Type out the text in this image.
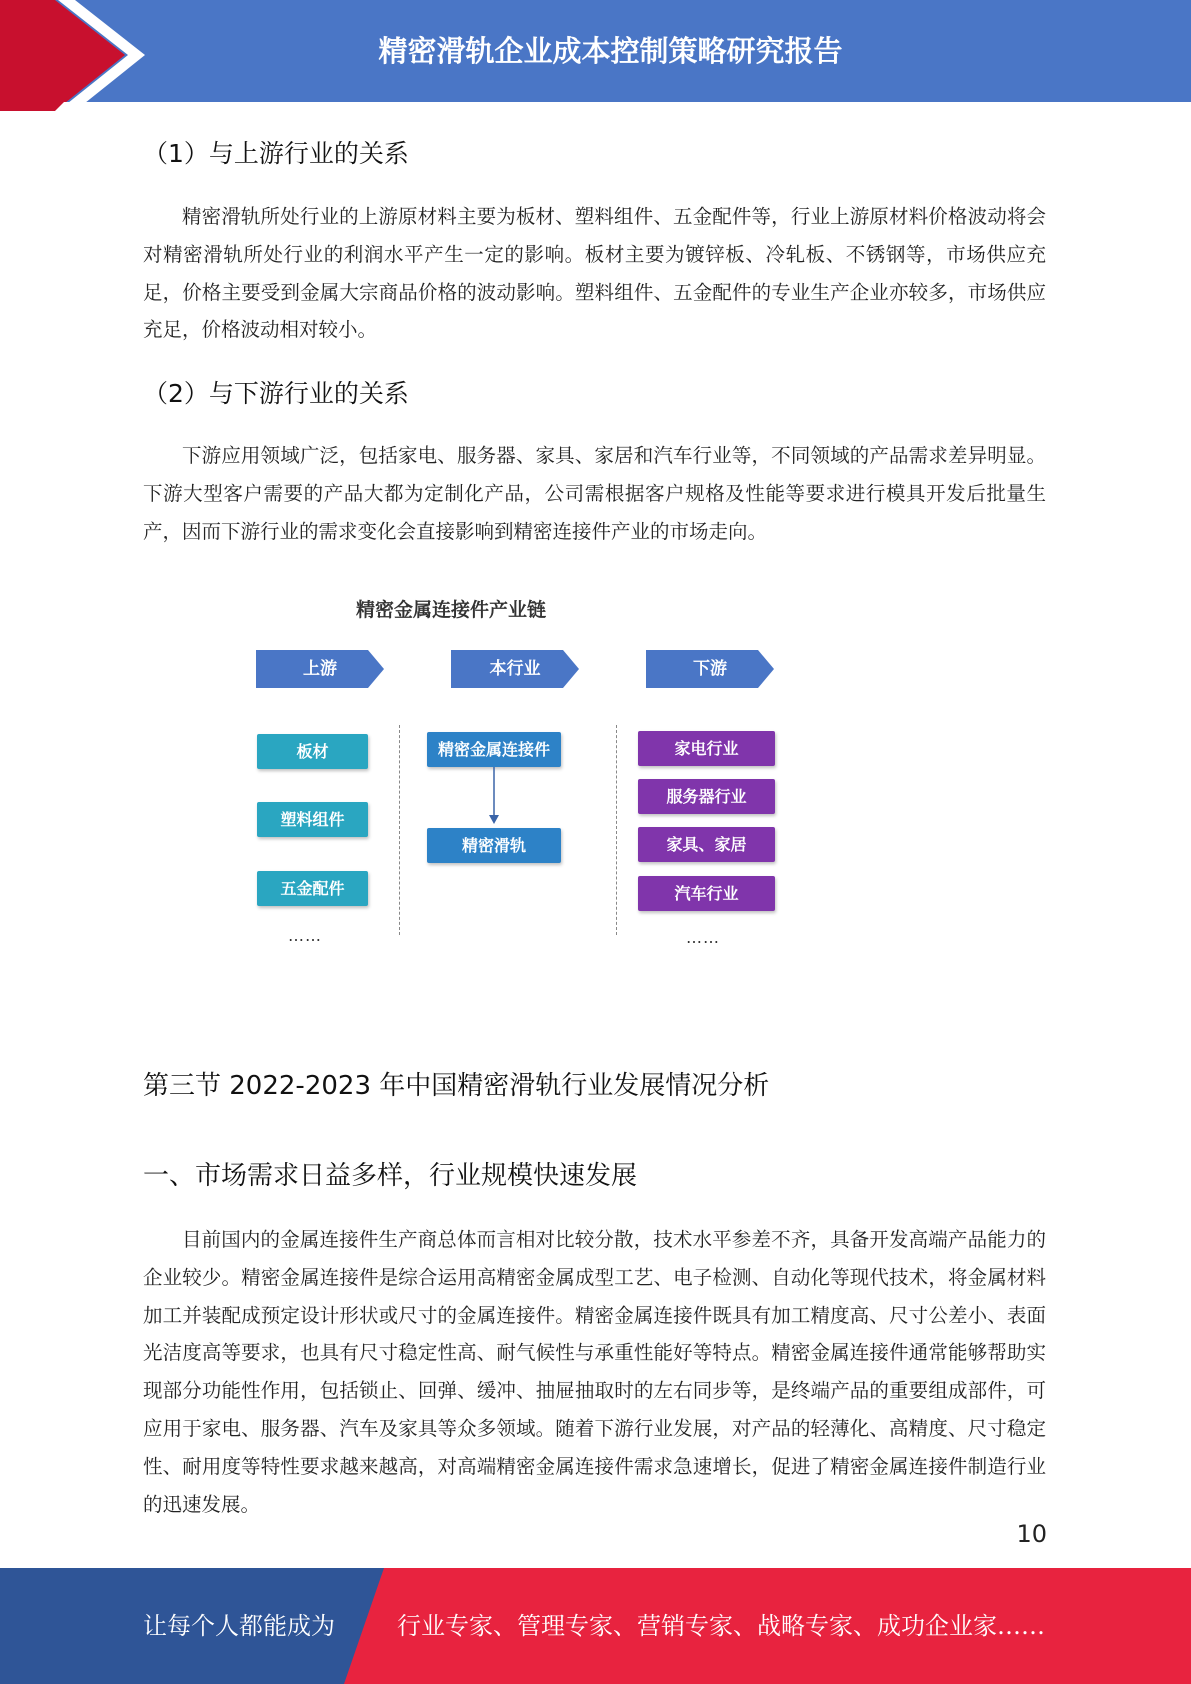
精密滑轨企业成本控制策略研究报告
（1）与上游行业的关系

精密滑轨所处行业的上游原材料主要为板材、塑料组件、五金配件等，行业上游原材料价格波动将会对精密滑轨所处行业的利润水平产生一定的影响。板材主要为镀锌板、冷轧板、不锈钢等，市场供应充足，价格主要受到金属大宗商品价格的波动影响。塑料组件、五金配件的专业生产企业亦较多，市场供应充足，价格波动相对较小。

（2）与下游行业的关系

下游应用领域广泛，包括家电、服务器、家具、家居和汽车行业等，不同领域的产品需求差异明显。下游大型客户需要的产品大都为定制化产品，公司需根据客户规格及性能等要求进行模具开发后批量生产，因而下游行业的需求变化会直接影响到精密连接件产业的市场走向。

精密金属连接件产业链
上游	本行业	下游
板材
塑料组件
五金配件
……
精密金属连接件
精密滑轨
家电行业
服务器行业
家具、家居
汽车行业
……
第三节 2022-2023 年中国精密滑轨行业发展情况分析
一、市场需求日益多样，行业规模快速发展

目前国内的金属连接件生产商总体而言相对比较分散，技术水平参差不齐，具备开发高端产品能力的企业较少。精密金属连接件是综合运用高精密金属成型工艺、电子检测、自动化等现代技术，将金属材料加工并装配成预定设计形状或尺寸的金属连接件。精密金属连接件既具有加工精度高、尺寸公差小、表面光洁度高等要求，也具有尺寸稳定性高、耐气候性与承重性能好等特点。精密金属连接件通常能够帮助实现部分功能性作用，包括锁止、回弹、缓冲、抽屉抽取时的左右同步等，是终端产品的重要组成部件，可应用于家电、服务器、汽车及家具等众多领域。随着下游行业发展，对产品的轻薄化、高精度、尺寸稳定性、耐用度等特性要求越来越高，对高端精密金属连接件需求急速增长，促进了精密金属连接件制造行业的迅速发展。

10
让每个人都能成为	行业专家、管理专家、营销专家、战略专家、成功企业家……
